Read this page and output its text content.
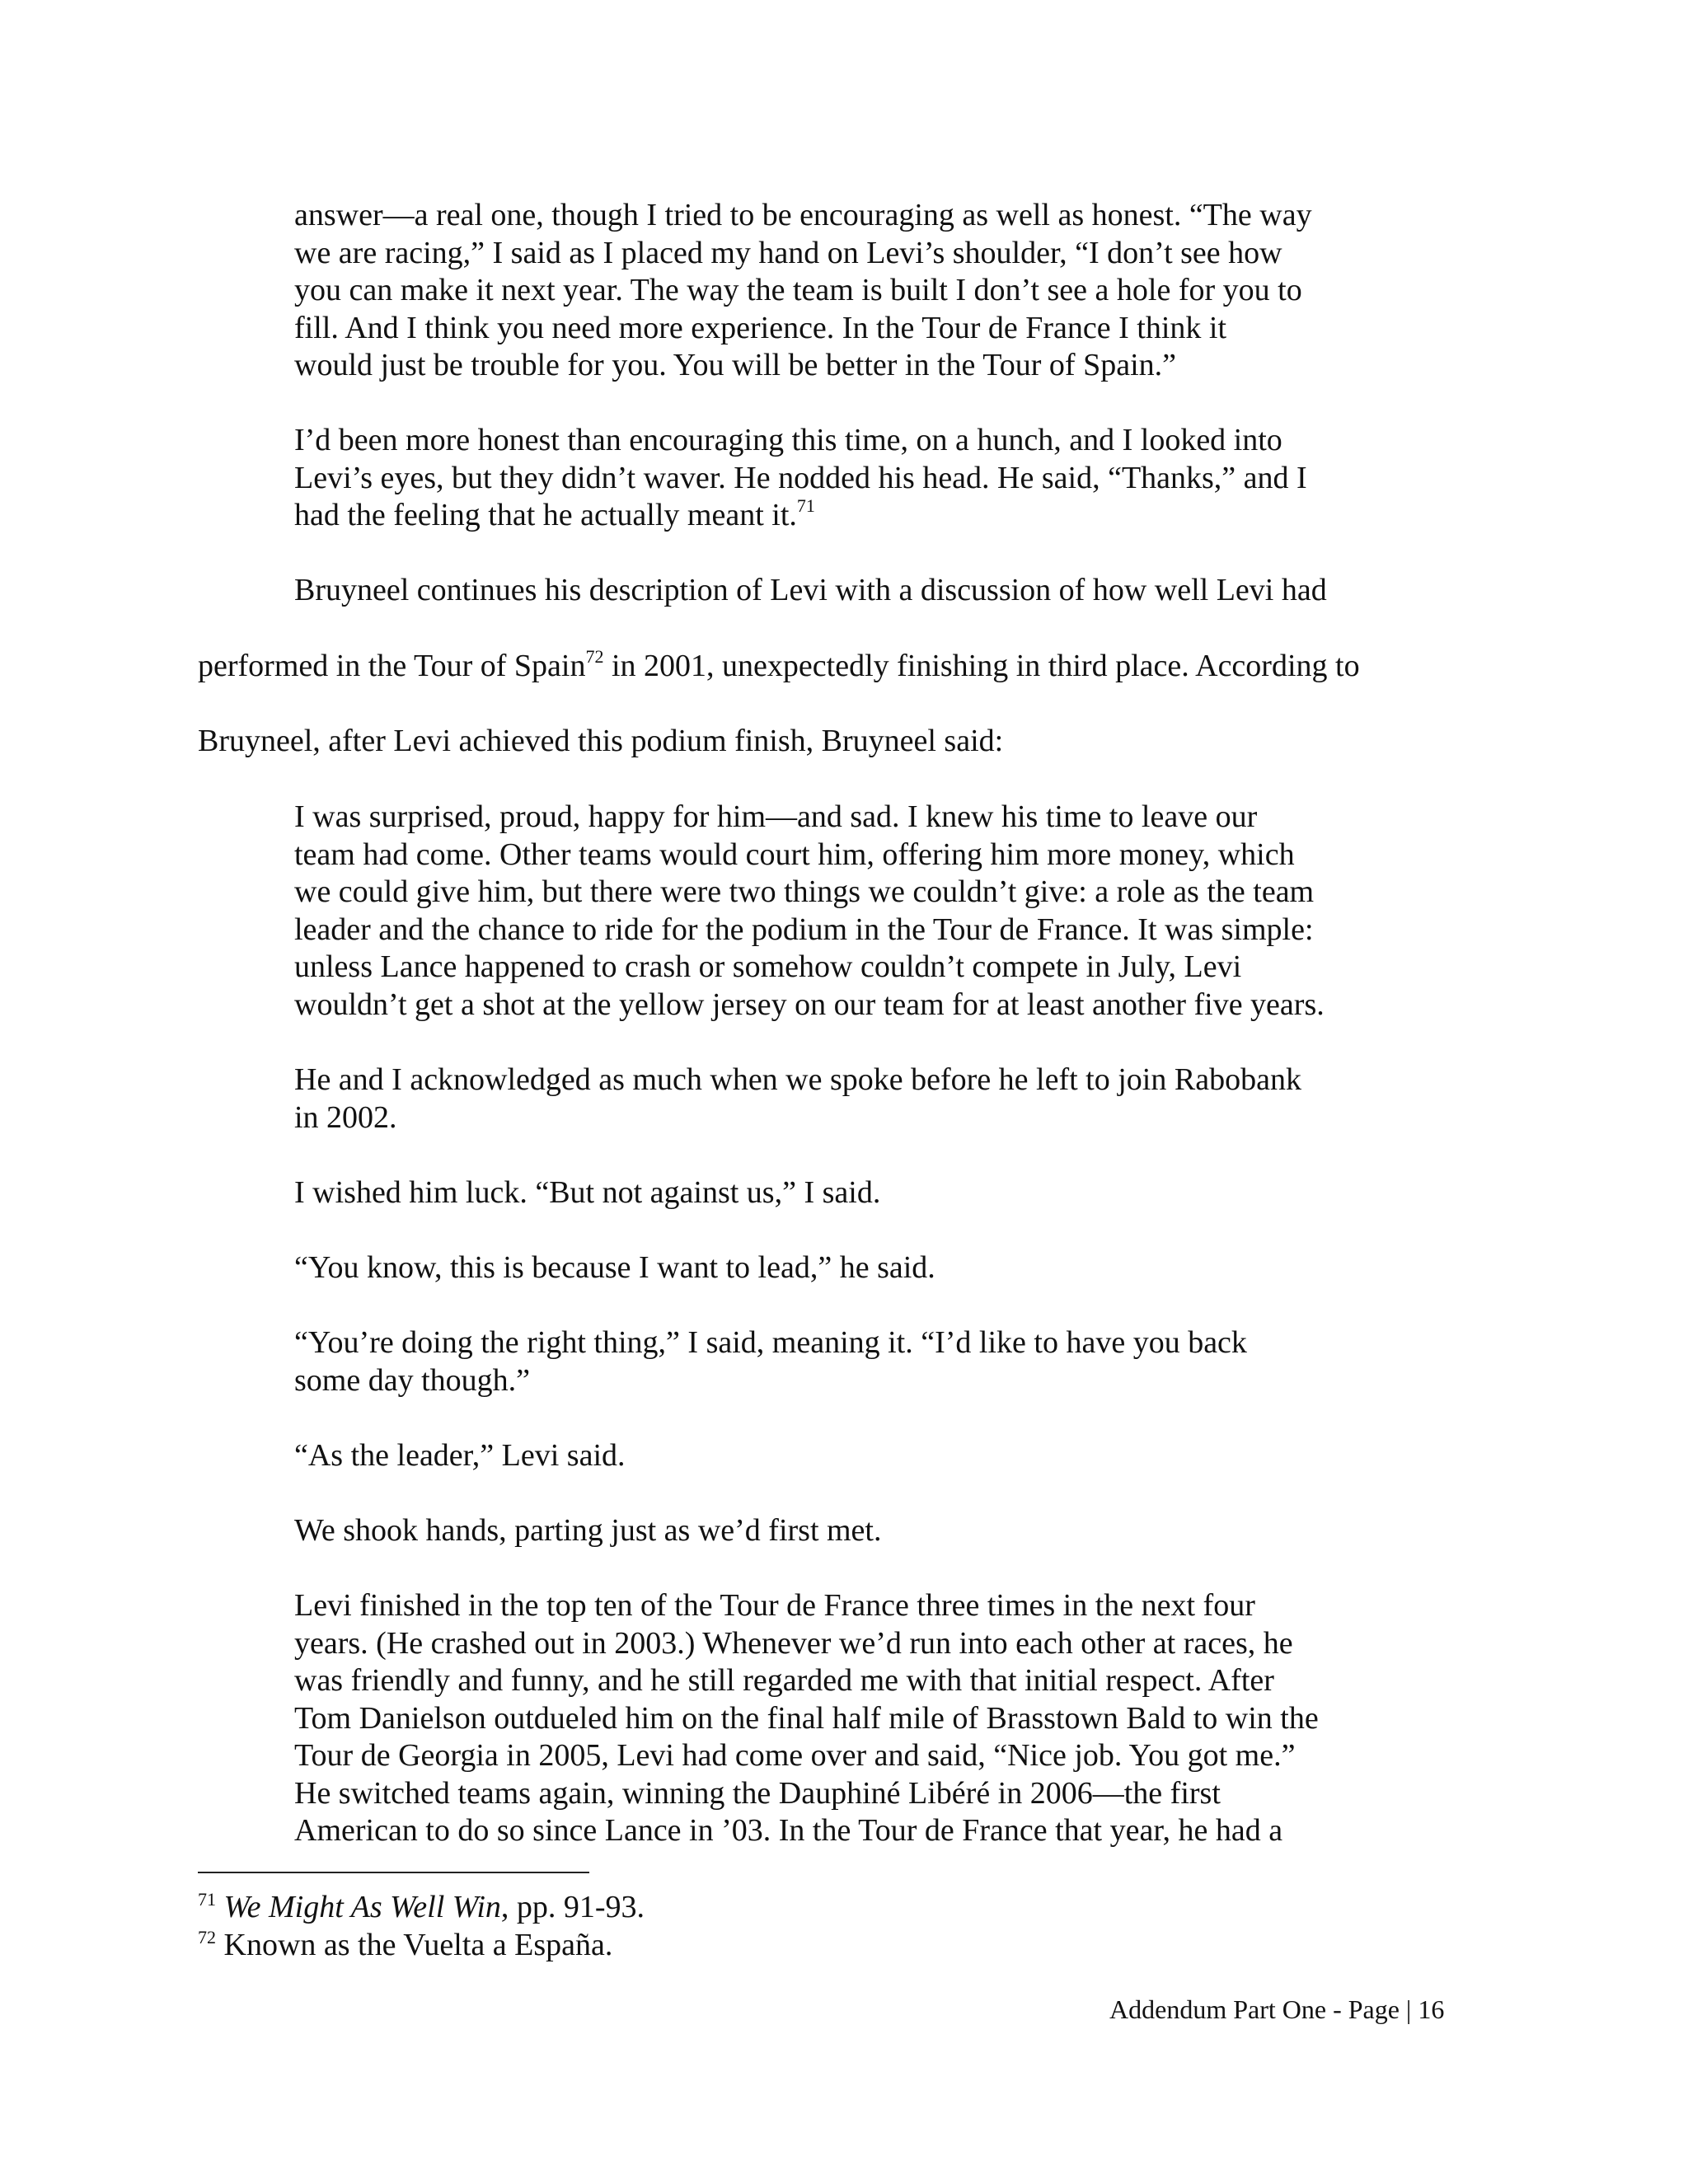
answer—a real one, though I tried to be encouraging as well as honest. “The way
we are racing,” I said as I placed my hand on Levi’s shoulder, “I don’t see how
you can make it next year. The way the team is built I don’t see a hole for you to
fill. And I think you need more experience. In the Tour de France I think it
would just be trouble for you. You will be better in the Tour of Spain.”
I’d been more honest than encouraging this time, on a hunch, and I looked into
Levi’s eyes, but they didn’t waver. He nodded his head. He said, “Thanks,” and I
had the feeling that he actually meant it.$^{71}$
Bruyneel continues his description of Levi with a discussion of how well Levi had
performed in the Tour of Spain$^{72}$ in 2001, unexpectedly finishing in third place. According to
Bruyneel, after Levi achieved this podium finish, Bruyneel said:
I was surprised, proud, happy for him—and sad. I knew his time to leave our
team had come. Other teams would court him, offering him more money, which
we could give him, but there were two things we couldn’t give: a role as the team
leader and the chance to ride for the podium in the Tour de France. It was simple:
unless Lance happened to crash or somehow couldn’t compete in July, Levi
wouldn’t get a shot at the yellow jersey on our team for at least another five years.
He and I acknowledged as much when we spoke before he left to join Rabobank
in 2002.
I wished him luck. “But not against us,” I said.
“You know, this is because I want to lead,” he said.
“You’re doing the right thing,” I said, meaning it. “I’d like to have you back
some day though.”
“As the leader,” Levi said.
We shook hands, parting just as we’d first met.
Levi finished in the top ten of the Tour de France three times in the next four
years. (He crashed out in 2003.) Whenever we’d run into each other at races, he
was friendly and funny, and he still regarded me with that initial respect. After
Tom Danielson outdueled him on the final half mile of Brasstown Bald to win the
Tour de Georgia in 2005, Levi had come over and said, “Nice job. You got me.”
He switched teams again, winning the Dauphiné Libéré in 2006—the first
American to do so since Lance in ’03. In the Tour de France that year, he had a
$^{71}$ We Might As Well Win, pp. 91-93.
$^{72}$ Known as the Vuelta a España.
Addendum Part One - Page | 16
